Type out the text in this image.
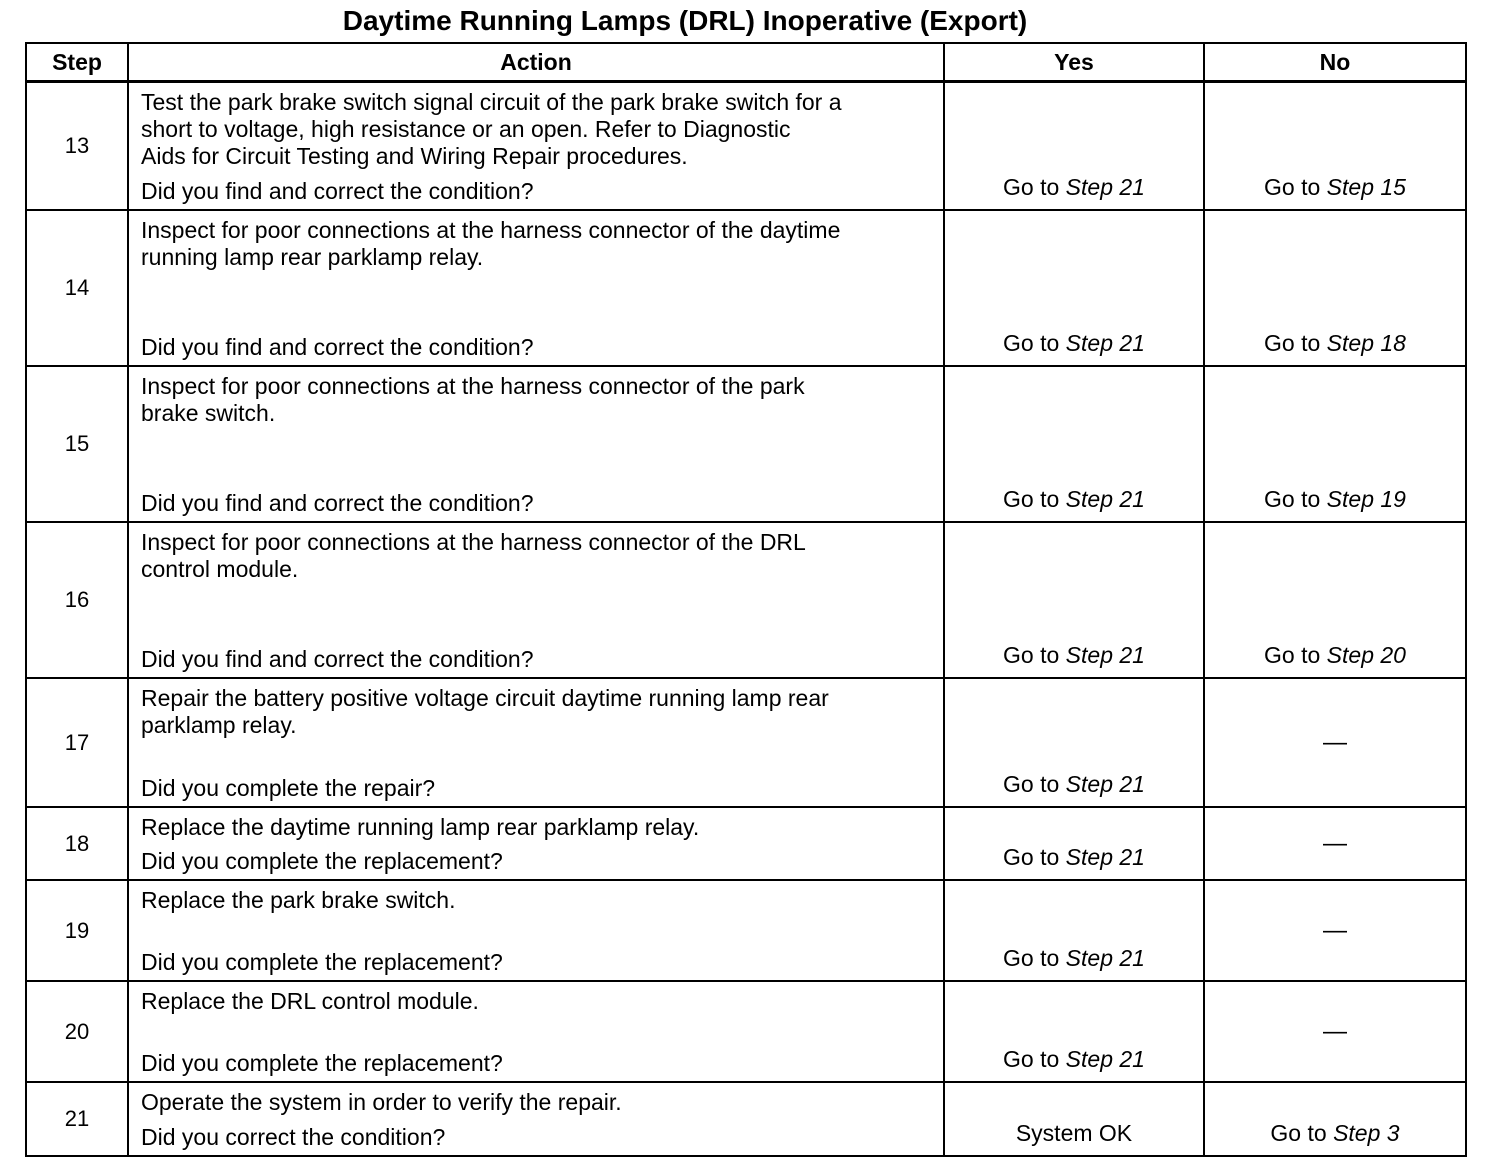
Daytime Running Lamps (DRL) Inoperative (Export)
Step	Action	Yes	No
13	Test the park brake switch signal circuit of the park brake switch for a
short to voltage, high resistance or an open. Refer to Diagnostic
Aids for Circuit Testing and Wiring Repair procedures.
Did you find and correct the condition?	Go to Step 21	Go to Step 15

14	Inspect for poor connections at the harness connector of the daytime
running lamp rear parklamp relay.
Did you find and correct the condition?	Go to Step 21	Go to Step 18

15	Inspect for poor connections at the harness connector of the park
brake switch.
Did you find and correct the condition?	Go to Step 21	Go to Step 19

16	Inspect for poor connections at the harness connector of the DRL
control module.
Did you find and correct the condition?	Go to Step 21	Go to Step 20

17	Repair the battery positive voltage circuit daytime running lamp rear
parklamp relay.
Did you complete the repair?	Go to Step 21	—
18	Replace the daytime running lamp rear parklamp relay.
Did you complete the replacement?	Go to Step 21	—
19	Replace the park brake switch.
Did you complete the replacement?	Go to Step 21	—
20	Replace the DRL control module.
Did you complete the replacement?	Go to Step 21	—
21	Operate the system in order to verify the repair.
Did you correct the condition?	System OK	Go to Step 3
